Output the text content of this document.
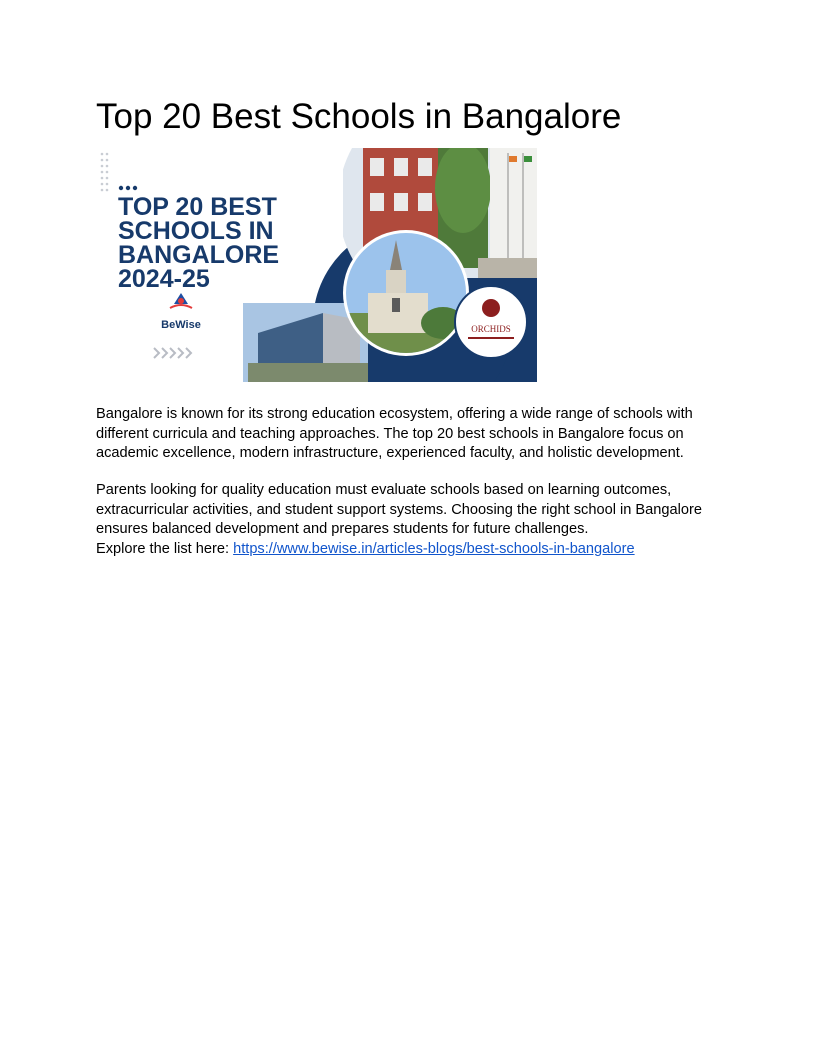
Top 20 Best Schools in Bangalore
ORCHIDS
TOP 20 BEST
SCHOOLS IN
BANGALORE
2024-25
BeWise

Bangalore is known for its strong education ecosystem, offering a wide range of schools with different curricula and teaching approaches. The top 20 best schools in Bangalore focus on academic excellence, modern infrastructure, experienced faculty, and holistic development.

Parents looking for quality education must evaluate schools based on learning outcomes, extracurricular activities, and student support systems. Choosing the right school in Bangalore ensures balanced development and prepares students for future challenges.
Explore the list here: https://www.bewise.in/articles-blogs/best-schools-in-bangalore
